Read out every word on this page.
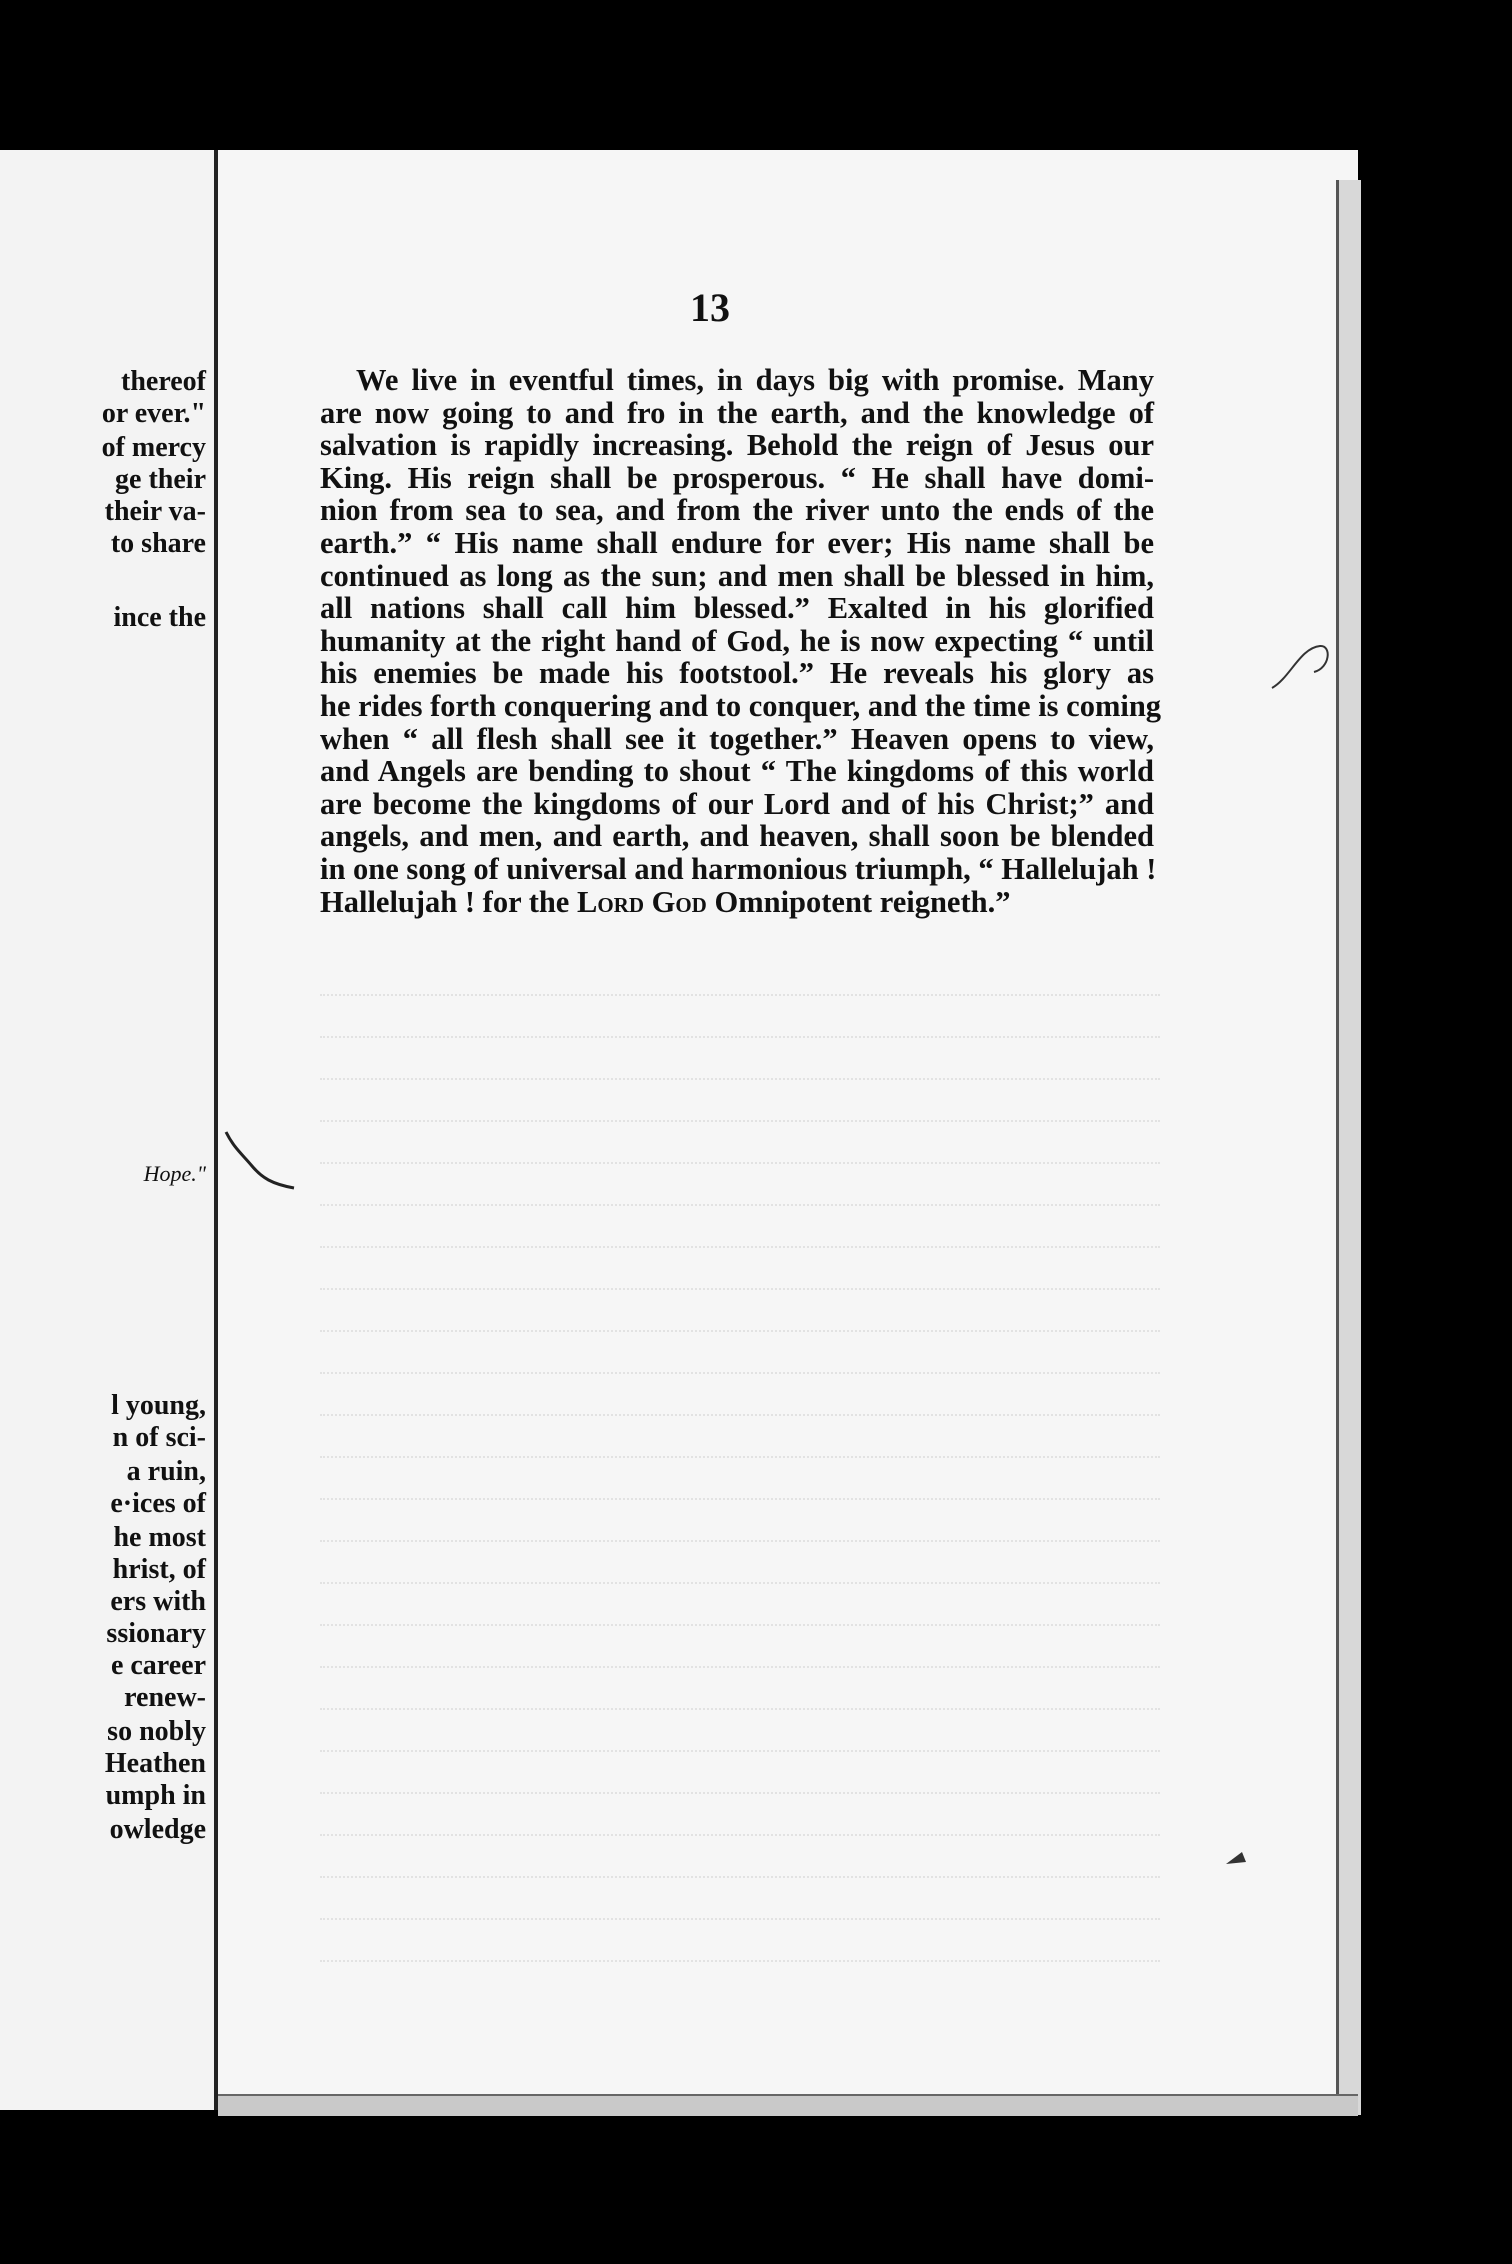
thereof
or ever."
of mercy
ge their
their va-
to share
ince the
Hope."
l young,
n of sci-
a ruin,
e·ices of
he most
hrist, of
ers with
ssionary
e career
renew-
so nobly
Heathen
umph in
owledge
13
We live in eventful times, in days big with promise. Many
are now going to and fro in the earth, and the knowledge of
salvation is rapidly increasing. Behold the reign of Jesus our
King. His reign shall be prosperous. “ He shall have domi-
nion from sea to sea, and from the river unto the ends of the
earth.” “ His name shall endure for ever; His name shall be
continued as long as the sun; and men shall be blessed in him,
all nations shall call him blessed.” Exalted in his glorified
humanity at the right hand of God, he is now expecting “ until
his enemies be made his footstool.” He reveals his glory as
he rides forth conquering and to conquer, and the time is coming
when “ all flesh shall see it together.” Heaven opens to view,
and Angels are bending to shout “ The kingdoms of this world
are become the kingdoms of our Lord and of his Christ;” and
angels, and men, and earth, and heaven, shall soon be blended
in one song of universal and harmonious triumph, “ Hallelujah !
Hallelujah ! for the Lord God Omnipotent reigneth.”
